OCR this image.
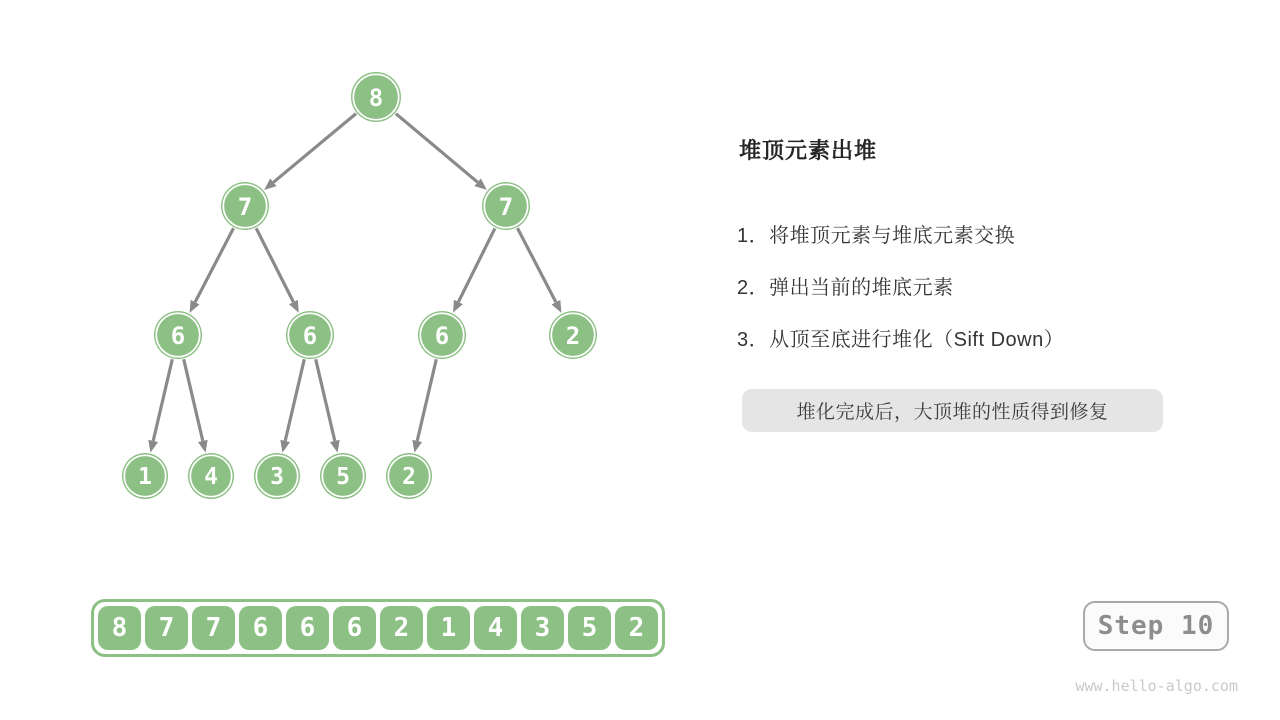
8
7	7
6	6	6	2
1 4 3 5 2
堆顶元素出堆
1．将堆顶元素与堆底元素交换
2．弹出当前的堆底元素
3．从顶至底进行堆化（Sift Down）
堆化完成后，大顶堆的性质得到修复
8	7	7	6	6	6	2	1	4	3	5	2	Step 10
www.hello-algo.com
